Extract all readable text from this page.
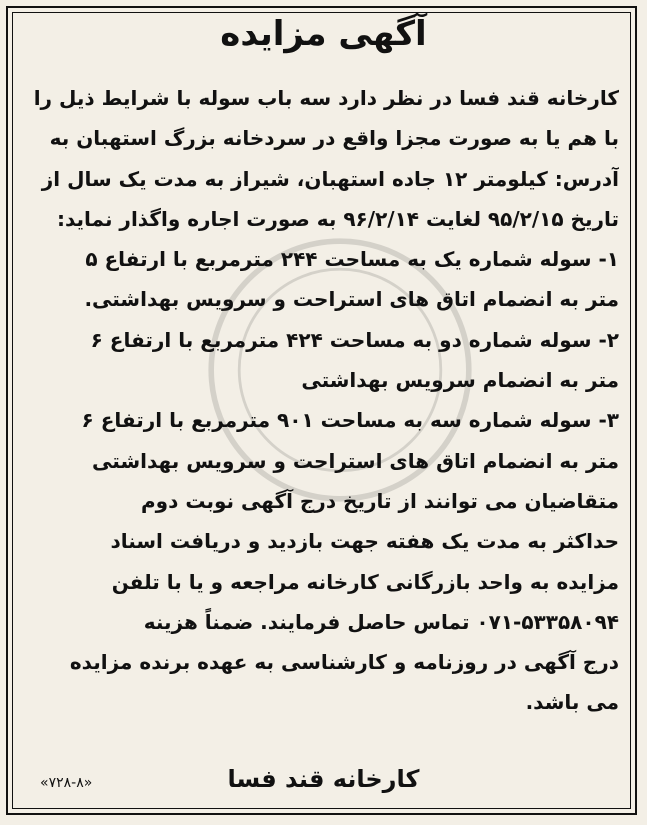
آگهی مزایده
کارخانه قند فسا در نظر دارد سه باب سوله با شرایط ذیل را
با هم یا به صورت مجزا واقع در سردخانه بزرگ استهبان به
آدرس: کیلومتر ۱۲ جاده استهبان، شیراز به مدت یک سال از
تاریخ ۹۵/۲/۱۵ لغایت ۹۶/۲/۱۴ به صورت اجاره واگذار نماید:
۱- سوله شماره یک به مساحت ۲۴۴ مترمربع با ارتفاع ۵
متر به انضمام اتاق های استراحت و سرویس بهداشتی.
۲- سوله شماره دو به مساحت ۴۲۴ مترمربع با ارتفاع ۶
متر به انضمام سرویس بهداشتی
۳- سوله شماره سه به مساحت ۹۰۱ مترمربع با ارتفاع ۶
متر به انضمام اتاق های استراحت و سرویس بهداشتی
متقاضیان می توانند از تاریخ درج آگهی نوبت دوم
حداکثر به مدت یک هفته جهت بازدید و دریافت اسناد
مزایده به واحد بازرگانی کارخانه مراجعه و یا با تلفن
۰۷۱-۵۳۳۵۸۰۹۴ تماس حاصل فرمایند. ضمناً هزینه
درج آگهی در روزنامه و کارشناسی به عهده برنده مزایده
می باشد.
کارخانه قند فسا
«۷۲۸-۸»
